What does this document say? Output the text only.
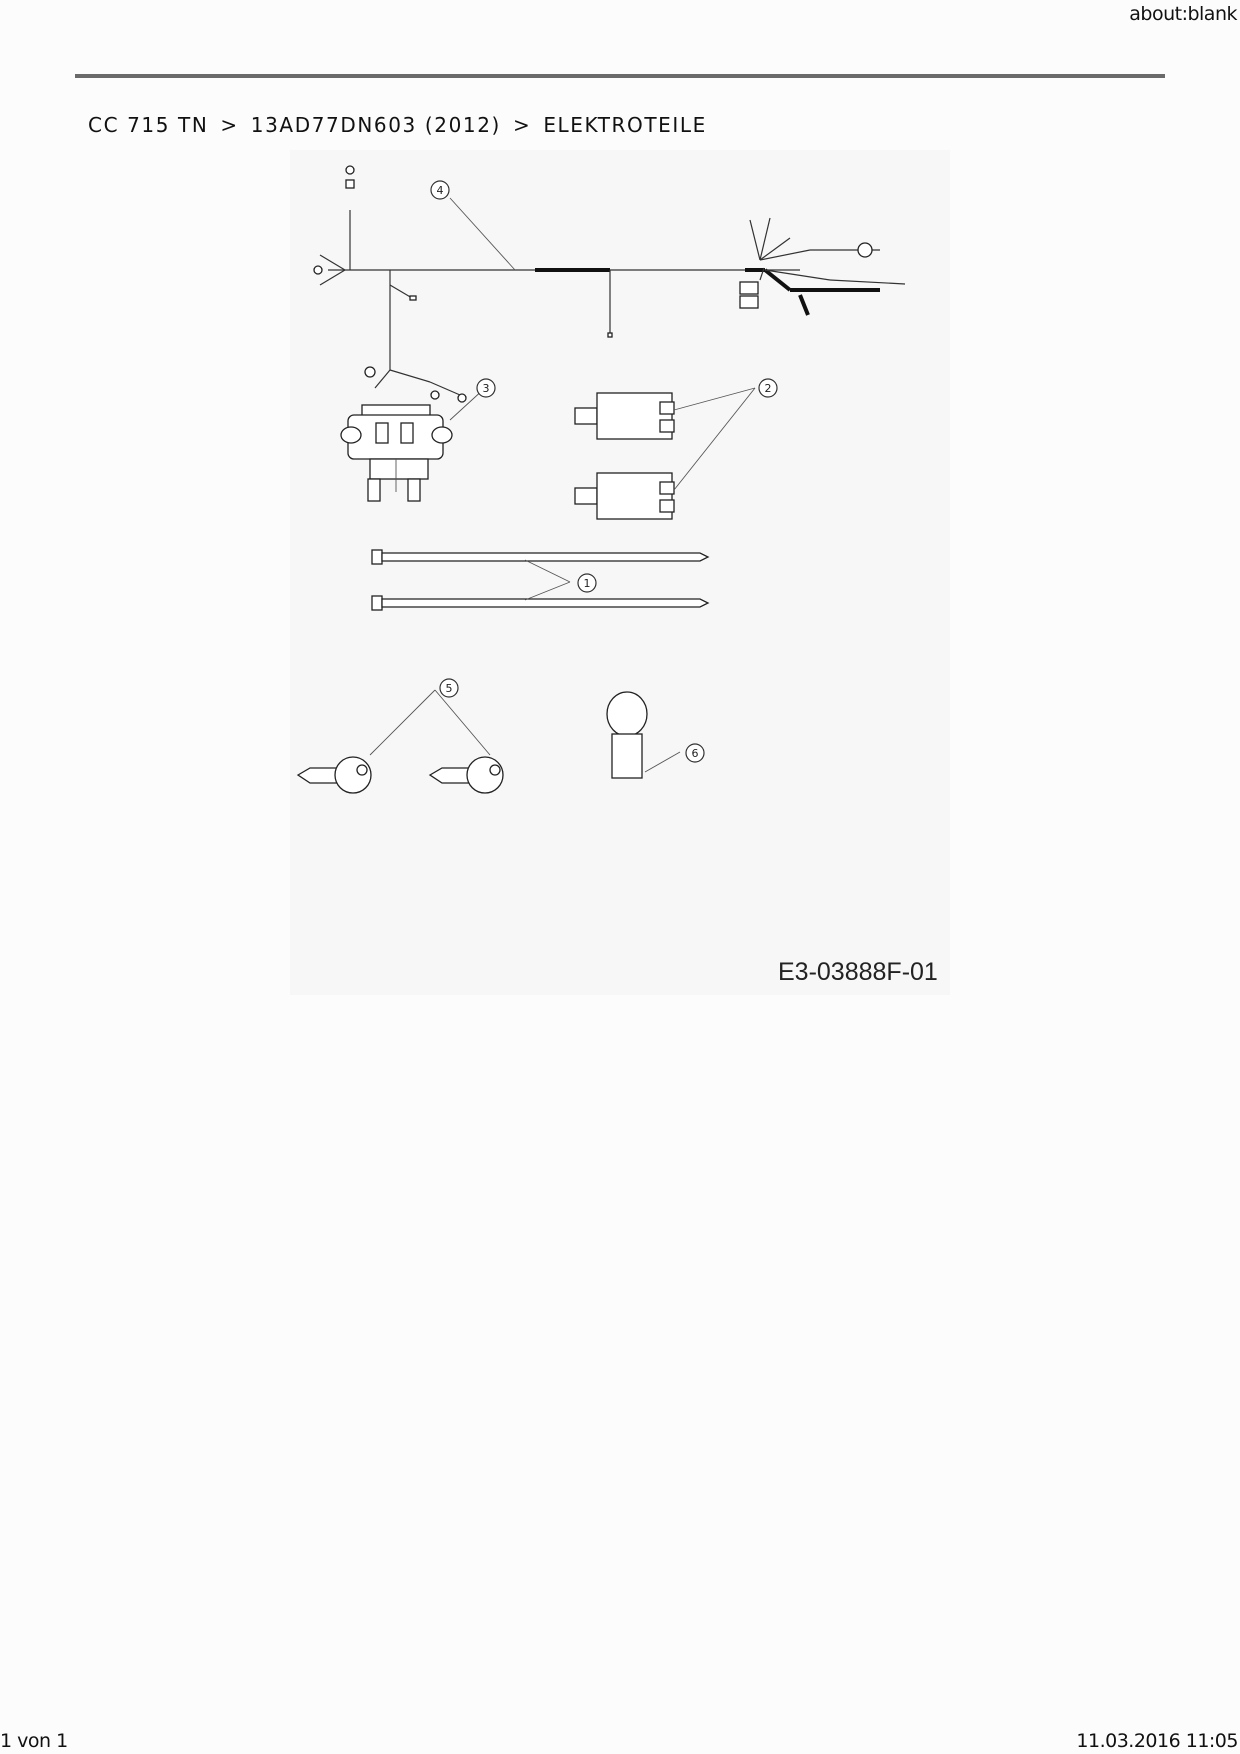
about:blank
CC 715 TN > 13AD77DN603 (2012) > ELEKTROTEILE
4
3	2
1
5
6
E3-03888F-01
1 von 1	11.03.2016 11:05
